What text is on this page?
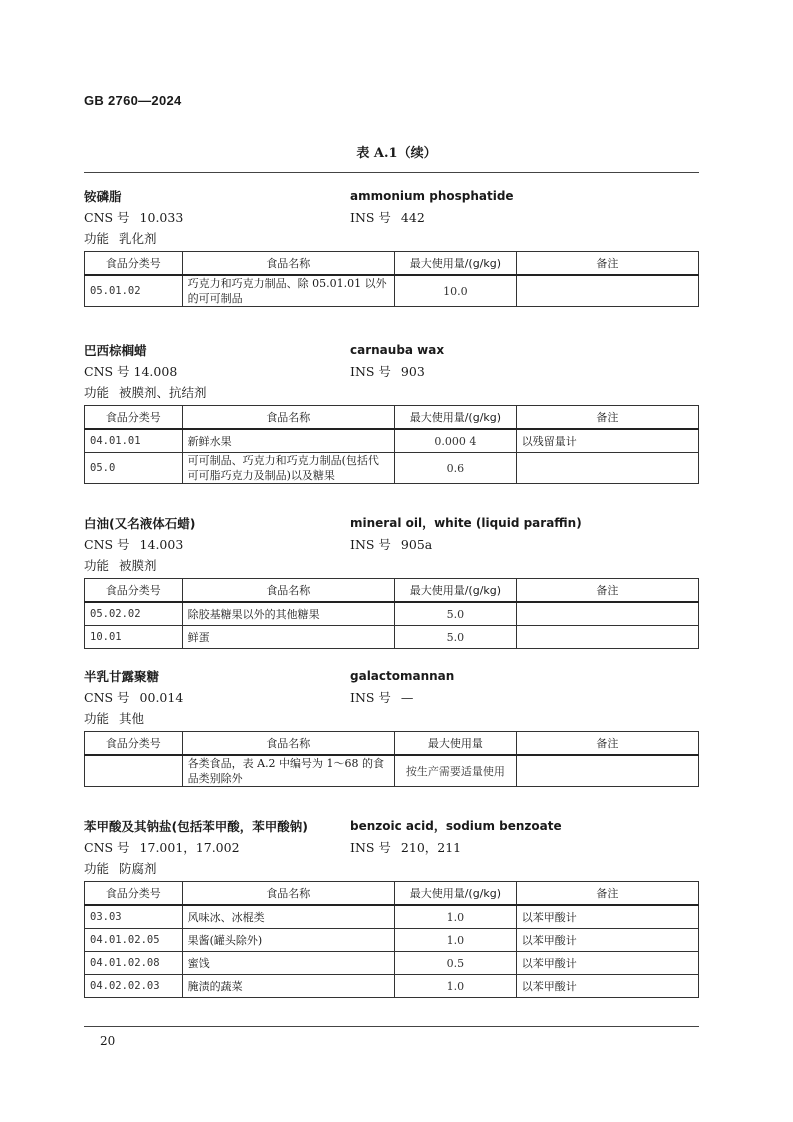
GB 2760—2024
表 A.1（续）
铵磷脂	ammonium phosphatide
CNS 号 10.033	INS 号 442
功能 乳化剂
食品分类号	食品名称	最大使用量/(g/kg)	备注
05.01.02	巧克力和巧克力制品、除 05.01.01 以外的可可制品	10.0	
巴西棕榈蜡	carnauba wax
CNS 号 14.008	INS 号 903
功能 被膜剂、抗结剂
食品分类号	食品名称	最大使用量/(g/kg)	备注
04.01.01	新鲜水果	0.000 4	以残留量计
05.0	可可制品、巧克力和巧克力制品(包括代可可脂巧克力及制品)以及糖果	0.6	
白油(又名液体石蜡)	mineral oil，white (liquid paraffin)
CNS 号 14.003	INS 号 905a
功能 被膜剂
食品分类号	食品名称	最大使用量/(g/kg)	备注
05.02.02	除胶基糖果以外的其他糖果	5.0	
10.01	鲜蛋	5.0	
半乳甘露聚糖	galactomannan
CNS 号 00.014	INS 号 —
功能 其他
食品分类号	食品名称	最大使用量	备注
	各类食品，表 A.2 中编号为 1～68 的食品类别除外	按生产需要适量使用	
苯甲酸及其钠盐(包括苯甲酸，苯甲酸钠)	benzoic acid，sodium benzoate
CNS 号 17.001，17.002	INS 号 210，211
功能 防腐剂
食品分类号	食品名称	最大使用量/(g/kg)	备注
03.03	风味冰、冰棍类	1.0	以苯甲酸计
04.01.02.05	果酱(罐头除外)	1.0	以苯甲酸计
04.01.02.08	蜜饯	0.5	以苯甲酸计
04.02.02.03	腌渍的蔬菜	1.0	以苯甲酸计
20
